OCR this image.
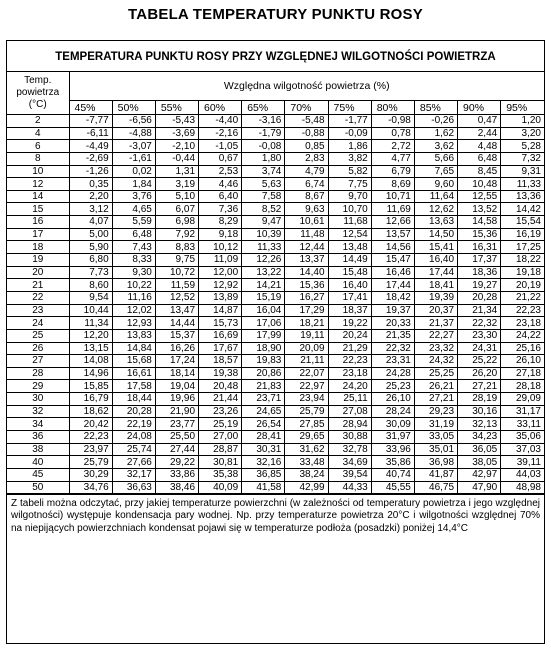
TABELA TEMPERATURY PUNKTU ROSY
TEMPERATURA PUNKTU ROSY PRZY WZGLĘDNEJ WILGOTNOŚCI POWIETRZA
Temp.
powietrza
(°C)	Względna wilgotność powietrza (%)										
	45%	50%	55%	60%	65%	70%	75%	80%	85%	90%	95%
2	-7,77	-6,56	-5,43	-4,40	-3,16	-5,48	-1,77	-0,98	-0,26	0,47	1,20
4	-6,11	-4,88	-3,69	-2,16	-1,79	-0,88	-0,09	0,78	1,62	2,44	3,20
6	-4,49	-3,07	-2,10	-1,05	-0,08	0,85	1,86	2,72	3,62	4,48	5,28
8	-2,69	-1,61	-0,44	0,67	1,80	2,83	3,82	4,77	5,66	6,48	7,32
10	-1,26	0,02	1,31	2,53	3,74	4,79	5,82	6,79	7,65	8,45	9,31
12	0,35	1,84	3,19	4,46	5,63	6,74	7,75	8,69	9,60	10,48	11,33
14	2,20	3,76	5,10	6,40	7,58	8,67	9,70	10,71	11,64	12,55	13,36
15	3,12	4,65	6,07	7,36	8,52	9,63	10,70	11,69	12,62	13,52	14,42
16	4,07	5,59	6,98	8,29	9,47	10,61	11,68	12,66	13,63	14,58	15,54
17	5,00	6,48	7,92	9,18	10,39	11,48	12,54	13,57	14,50	15,36	16,19
18	5,90	7,43	8,83	10,12	11,33	12,44	13,48	14,56	15,41	16,31	17,25
19	6,80	8,33	9,75	11,09	12,26	13,37	14,49	15,47	16,40	17,37	18,22
20	7,73	9,30	10,72	12,00	13,22	14,40	15,48	16,46	17,44	18,36	19,18
21	8,60	10,22	11,59	12,92	14,21	15,36	16,40	17,44	18,41	19,27	20,19
22	9,54	11,16	12,52	13,89	15,19	16,27	17,41	18,42	19,39	20,28	21,22
23	10,44	12,02	13,47	14,87	16,04	17,29	18,37	19,37	20,37	21,34	22,23
24	11,34	12,93	14,44	15,73	17,06	18,21	19,22	20,33	21,37	22,32	23,18
25	12,20	13,83	15,37	16,69	17,99	19,11	20,24	21,35	22,27	23,30	24,22
26	13,15	14,84	16,26	17,67	18,90	20,09	21,29	22,32	23,32	24,31	25,16
27	14,08	15,68	17,24	18,57	19,83	21,11	22,23	23,31	24,32	25,22	26,10
28	14,96	16,61	18,14	19,38	20,86	22,07	23,18	24,28	25,25	26,20	27,18
29	15,85	17,58	19,04	20,48	21,83	22,97	24,20	25,23	26,21	27,21	28,18
30	16,79	18,44	19,96	21,44	23,71	23,94	25,11	26,10	27,21	28,19	29,09
32	18,62	20,28	21,90	23,26	24,65	25,79	27,08	28,24	29,23	30,16	31,17
34	20,42	22,19	23,77	25,19	26,54	27,85	28,94	30,09	31,19	32,13	33,11
36	22,23	24,08	25,50	27,00	28,41	29,65	30,88	31,97	33,05	34,23	35,06
38	23,97	25,74	27,44	28,87	30,31	31,62	32,78	33,96	35,01	36,05	37,03
40	25,79	27,66	29,22	30,81	32,16	33,48	34,69	35,86	36,98	38,05	39,11
45	30,29	32,17	33,86	35,38	36,85	38,24	39,54	40,74	41,87	42,97	44,03
50	34,76	36,63	38,46	40,09	41,58	42,99	44,33	45,55	46,75	47,90	48,98
Z tabeli można odczytać, przy jakiej temperaturze powierzchni (w zależności od temperatury powietrza i jego względnej wilgotności) występuje kondensacja pary wodnej. Np. przy temperaturze powietrza 20°C i wilgotności względnej 70% na niepijących powierzchniach kondensat pojawi się w temperaturze podłoża (posadzki) poniżej 14,4°C
